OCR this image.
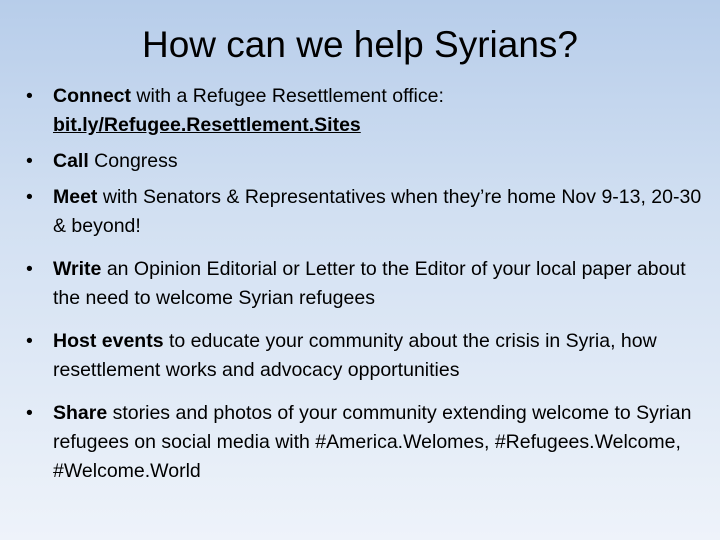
How can we help Syrians?
• Connect with a Refugee Resettlement office:
bit.ly/Refugee.Resettlement.Sites
• Call Congress
• Meet with Senators & Representatives when they’re home Nov 9-13, 20-30 & beyond!
• Write an Opinion Editorial or Letter to the Editor of your local paper about the need to welcome Syrian refugees
• Host events to educate your community about the crisis in Syria, how resettlement works and advocacy opportunities
• Share stories and photos of your community extending welcome to Syrian refugees on social media with #America.Welomes, #Refugees.Welcome, #Welcome.World
